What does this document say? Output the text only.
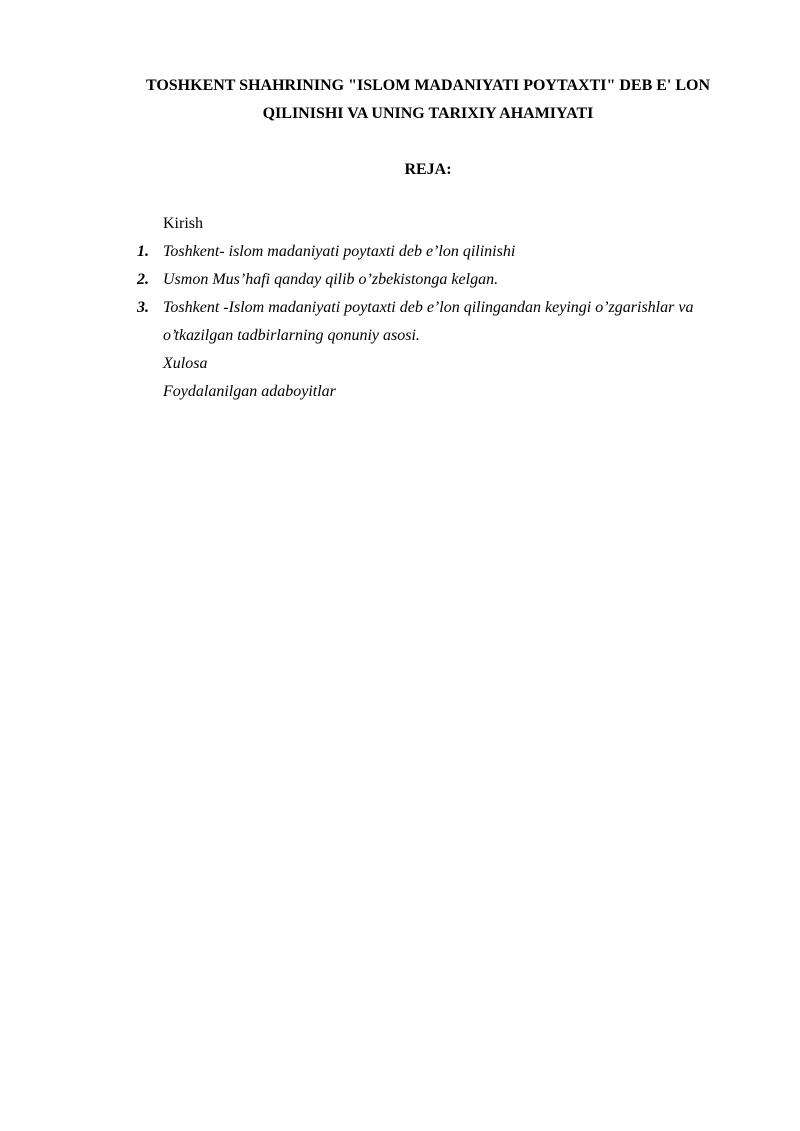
TOSHKENT SHAHRINING "ISLOM MADANIYATI POYTAXTI" DEB E' LON
QILINISHI VA UNING TARIXIY AHAMIYATI
REJA:
Kirish
1. Toshkent- islom madaniyati poytaxti deb e’lon qilinishi
2. Usmon Mus’hafi qanday qilib o’zbekistonga kelgan.
3. Toshkent -Islom madaniyati poytaxti deb e’lon qilingandan keyingi o’zgarishlar va
o’tkazilgan tadbirlarning qonuniy asosi.
Xulosa
Foydalanilgan adaboyitlar
